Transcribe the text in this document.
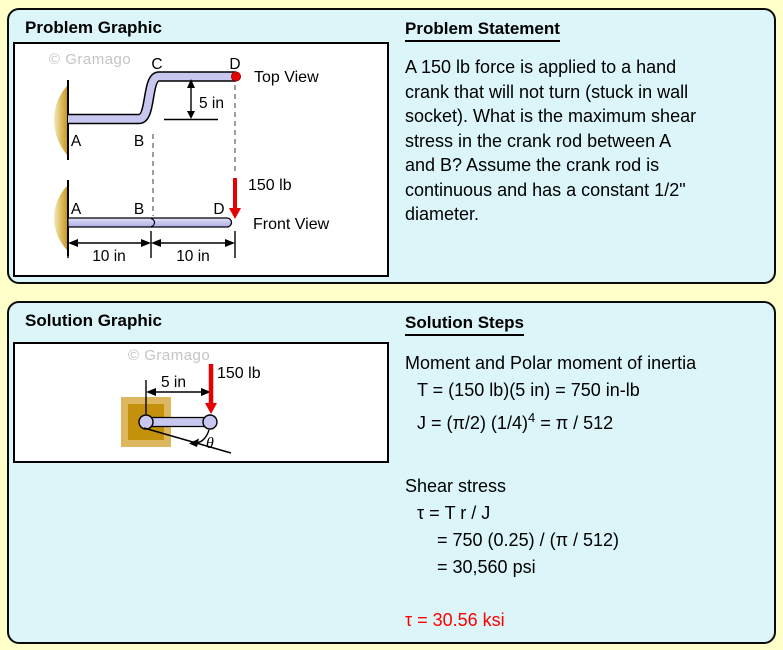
Problem Graphic
© Gramago
5 in
C	D
Top View
A	B
150 lb
A	B	D
Front View
10 in	10 in
Problem Statement
A 150 lb force is applied to a hand
crank that will not turn (stuck in wall
socket). What is the maximum shear
stress in the crank rod between A
and B? Assume the crank rod is
continuous and has a constant 1/2"
diameter.
Solution Graphic
© Gramago
5 in
150 lb
θ
Solution Steps
Moment and Polar moment of inertia
T = (150 lb)(5 in) = 750 in-lb
J = (π/2) $(1/4)^4 = \pi / 512$
Shear stress
τ = T r / J
= 750 (0.25) / (π / 512)
= 30,560 psi
τ = 30.56 ksi
